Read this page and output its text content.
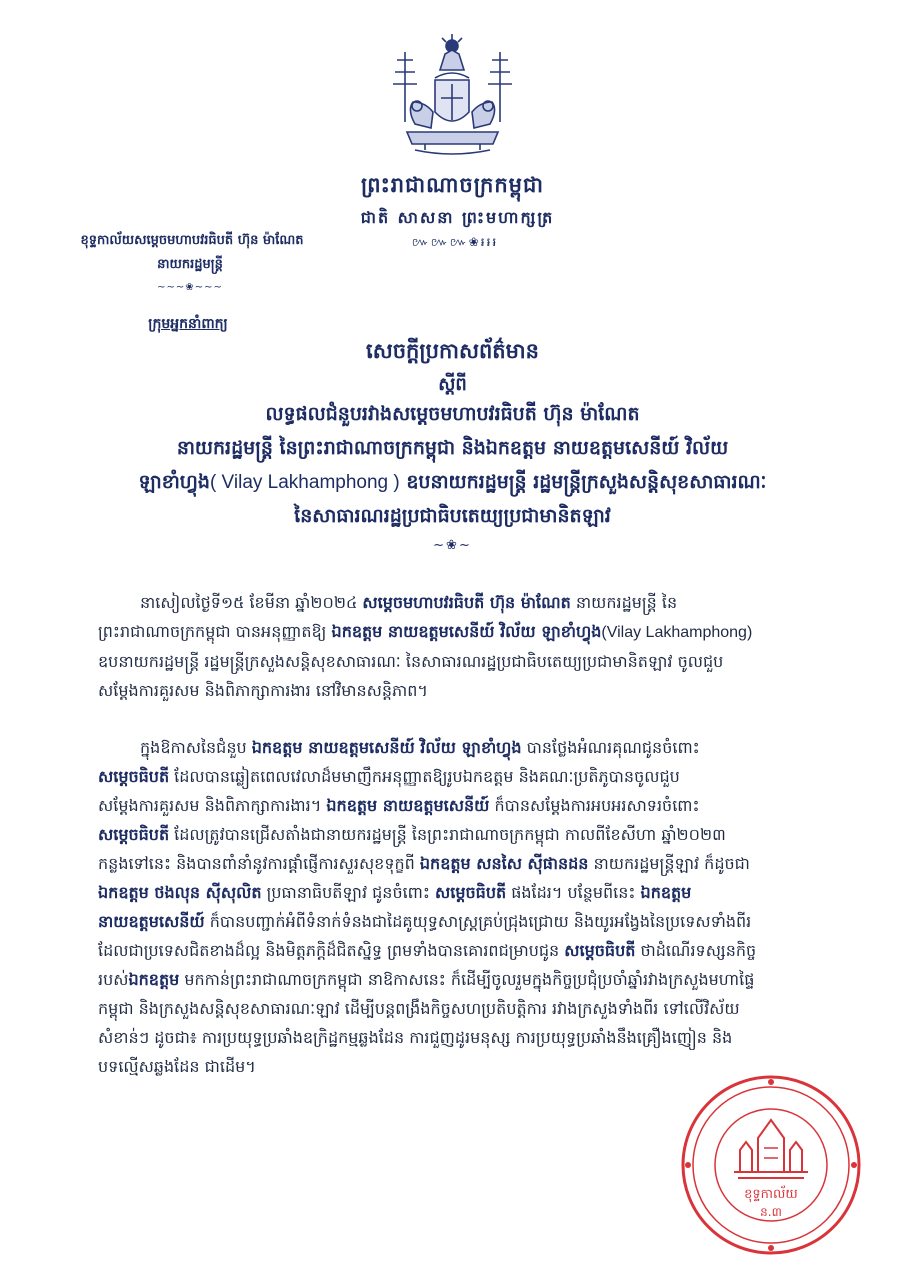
ព្រះរាជាណាចក្រកម្ពុជា
ជាតិ សាសនា ព្រះមហាក្សត្រ
៚៚៚❀៛៛៛
ខុទ្ទកាល័យសម្ដេចមហាបវរធិបតី ហ៊ុន ម៉ាណែត
នាយករដ្ឋមន្ត្រី
~~~❀~~~
ក្រុមអ្នកនាំពាក្យ
សេចក្តីប្រកាសព័ត៌មាន
ស្តីពី
លទ្ធផលជំនួបរវាងសម្តេចមហាបវរធិបតី ហ៊ុន ម៉ាណែត
នាយករដ្ឋមន្ត្រី នៃព្រះរាជាណាចក្រកម្ពុជា និងឯកឧត្តម នាយឧត្តមសេនីយ៍ វិល័យ
ឡាខាំហ្វុង( Vilay Lakhamphong ) ឧបនាយករដ្ឋមន្ត្រី រដ្ឋមន្ត្រីក្រសួងសន្តិសុខសាធារណៈ
នៃសាធារណរដ្ឋប្រជាធិបតេយ្យប្រជាមានិតឡាវ
~❀~
នាសៀលថ្ងៃទី១៥ ខែមីនា ឆ្នាំ២០២៤ សម្តេចមហាបវរធិបតី ហ៊ុន ម៉ាណែត នាយករដ្ឋមន្ត្រី នៃ
ព្រះរាជាណាចក្រកម្ពុជា បានអនុញ្ញាតឱ្យ ឯកឧត្តម នាយឧត្តមសេនីយ៍ វិល័យ ឡាខាំហ្វុង(Vilay Lakhamphong)
ឧបនាយករដ្ឋមន្ត្រី រដ្ឋមន្ត្រីក្រសួងសន្តិសុខសាធារណៈ នៃសាធារណរដ្ឋប្រជាធិបតេយ្យប្រជាមានិតឡាវ ចូលជួប
សម្តែងការគួរសម និងពិភាក្សាការងារ នៅវិមានសន្តិភាព។
ក្នុងឱកាសនៃជំនួប ឯកឧត្តម នាយឧត្តមសេនីយ៍ វិល័យ ឡាខាំហ្វុង បានថ្លែងអំណរគុណជូនចំពោះ
សម្តេចធិបតី ដែលបានឆ្លៀតពេលវេលាដ៏មមាញឹកអនុញ្ញាតឱ្យរូបឯកឧត្តម និងគណៈប្រតិភូបានចូលជួប
សម្តែងការគួរសម និងពិភាក្សាការងារ។ ឯកឧត្តម នាយឧត្តមសេនីយ៍ ក៏បានសម្តែងការអបអរសាទរចំពោះ
សម្តេចធិបតី ដែលត្រូវបានជ្រើសតាំងជានាយករដ្ឋមន្ត្រី នៃព្រះរាជាណាចក្រកម្ពុជា កាលពីខែសីហា ឆ្នាំ២០២៣
កន្លងទៅនេះ និងបានពាំនាំនូវការផ្តាំផ្ញើការសួរសុខទុក្ខពី ឯកឧត្តម សនសៃ ស៊ីផានដន នាយករដ្ឋមន្ត្រីឡាវ ក៏ដូចជា
ឯកឧត្តម ថងលុន ស៊ីសុលិត ប្រធានាធិបតីឡាវ ជូនចំពោះ សម្តេចធិបតី ផងដែរ។ បន្ថែមពីនេះ ឯកឧត្តម
នាយឧត្តមសេនីយ៍ ក៏បានបញ្ជាក់អំពីទំនាក់ទំនងជាដៃគូយុទ្ធសាស្ត្រគ្រប់ជ្រុងជ្រោយ និងយូរអង្វែងនៃប្រទេសទាំងពីរ
ដែលជាប្រទេសជិតខាងដ៏ល្អ និងមិត្តភក្តិដ៏ជិតស្និទ្ធ ព្រមទាំងបានគោរពជម្រាបជូន សម្តេចធិបតី ថាដំណើរទស្សនកិច្ច
របស់ឯកឧត្តម មកកាន់ព្រះរាជាណាចក្រកម្ពុជា នាឱកាសនេះ ក៏ដើម្បីចូលរួមក្នុងកិច្ចប្រជុំប្រចាំឆ្នាំរវាងក្រសួងមហាផ្ទៃ
កម្ពុជា និងក្រសួងសន្តិសុខសាធារណៈឡាវ ដើម្បីបន្តពង្រឹងកិច្ចសហប្រតិបត្តិការ រវាងក្រសួងទាំងពីរ ទៅលើវិស័យ
សំខាន់ៗ ដូចជា៖ ការប្រយុទ្ធប្រឆាំងឧក្រិដ្ឋកម្មឆ្លងដែន ការជួញដូរមនុស្ស ការប្រយុទ្ធប្រឆាំងនឹងគ្រឿងញៀន និង
បទល្មើសឆ្លងដែន ជាដើម។
ខុទ្ទកាល័យ
ន.៣
